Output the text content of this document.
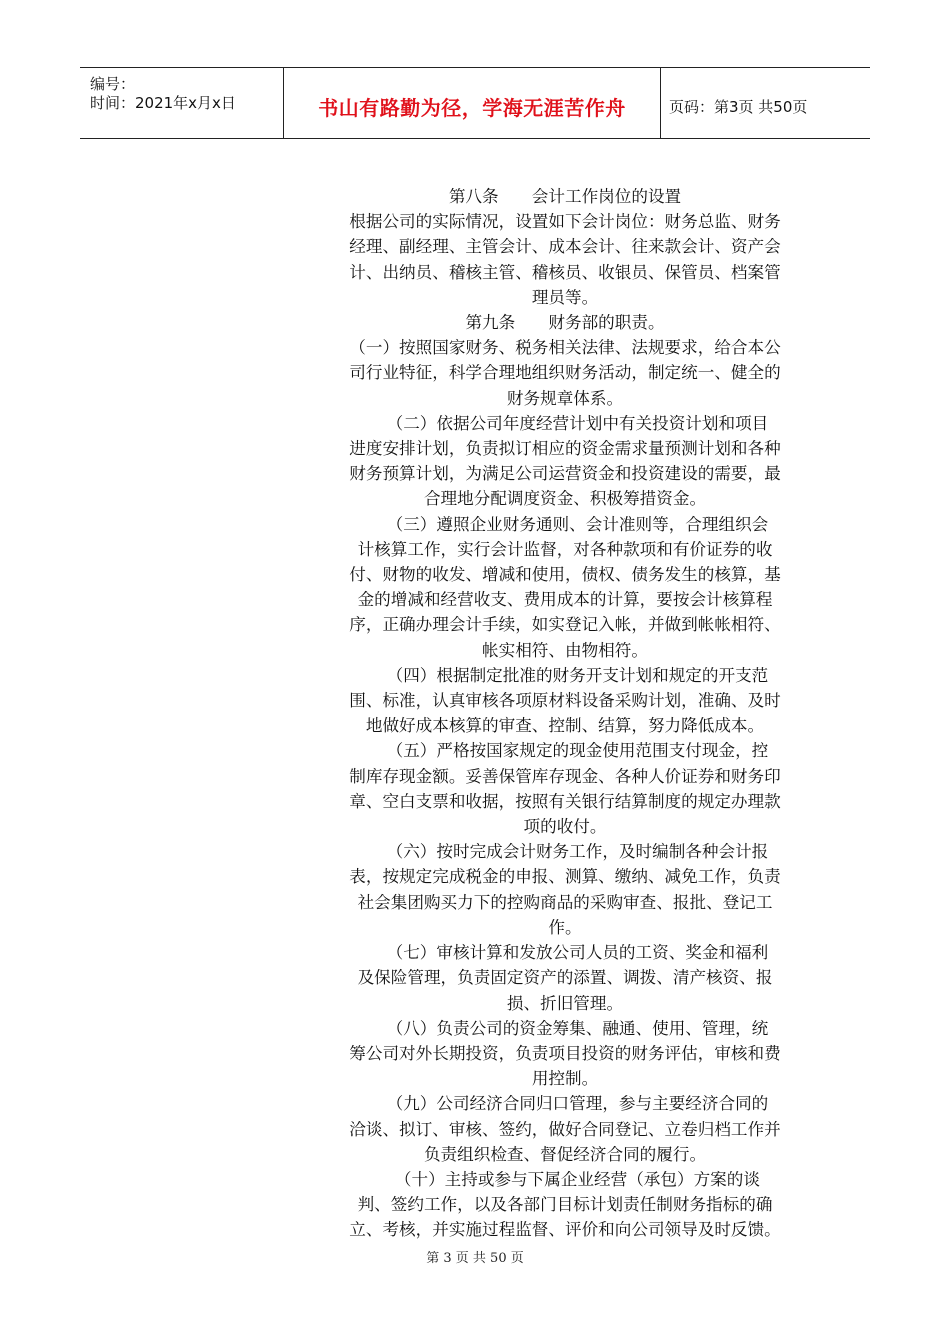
编号：
时间：2021年x月x日	书山有路勤为径，学海无涯苦作舟	页码：第3页 共50页
第八条　　会计工作岗位的设置
根据公司的实际情况，设置如下会计岗位：财务总监、财务
经理、副经理、主管会计、成本会计、往来款会计、资产会
计、出纳员、稽核主管、稽核员、收银员、保管员、档案管
理员等。
第九条　　财务部的职责。
（一）按照国家财务、税务相关法律、法规要求，给合本公
司行业特征，科学合理地组织财务活动，制定统一、健全的
财务规章体系。
　　（二）依据公司年度经营计划中有关投资计划和项目
进度安排计划，负责拟订相应的资金需求量预测计划和各种
财务预算计划，为满足公司运营资金和投资建设的需要，最
合理地分配调度资金、积极筹措资金。
　　（三）遵照企业财务通则、会计准则等，合理组织会
计核算工作，实行会计监督，对各种款项和有价证券的收
付、财物的收发、增减和使用，债权、债务发生的核算，基
金的增减和经营收支、费用成本的计算，要按会计核算程
序，正确办理会计手续，如实登记入帐，并做到帐帐相符、
帐实相符、由物相符。
　　（四）根据制定批准的财务开支计划和规定的开支范
围、标准，认真审核各项原材料设备采购计划，准确、及时
地做好成本核算的审查、控制、结算，努力降低成本。
　　（五）严格按国家规定的现金使用范围支付现金，控
制库存现金额。妥善保管库存现金、各种人价证券和财务印
章、空白支票和收据，按照有关银行结算制度的规定办理款
项的收付。
　　（六）按时完成会计财务工作，及时编制各种会计报
表，按规定完成税金的申报、测算、缴纳、减免工作，负责
社会集团购买力下的控购商品的采购审查、报批、登记工
作。
　　（七）审核计算和发放公司人员的工资、奖金和福利
及保险管理，负责固定资产的添置、调拨、清产核资、报
损、折旧管理。
　　（八）负责公司的资金筹集、融通、使用、管理，统
筹公司对外长期投资，负责项目投资的财务评估，审核和费
用控制。
　　（九）公司经济合同归口管理，参与主要经济合同的
洽谈、拟订、审核、签约，做好合同登记、立卷归档工作并
负责组织检查、督促经济合同的履行。
　　（十）主持或参与下属企业经营（承包）方案的谈
判、签约工作，以及各部门目标计划责任制财务指标的确
立、考核，并实施过程监督、评价和向公司领导及时反馈。
第 3 页 共 50 页
